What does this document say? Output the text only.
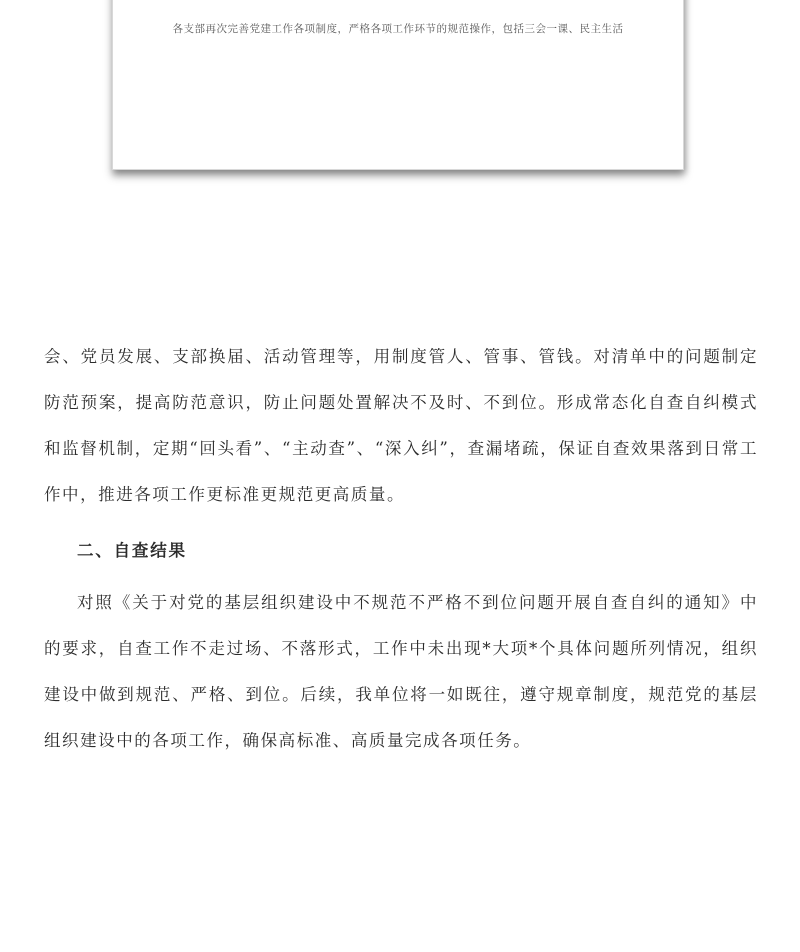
各支部再次完善党建工作各项制度，严格各项工作环节的规范操作，包括三会一课、民主生活

会、党员发展、支部换届、活动管理等，用制度管人、管事、管钱。对清单中的问题制定防范预案，提高防范意识，防止问题处置解决不及时、不到位。形成常态化自查自纠模式和监督机制，定期“回头看”、“主动查”、“深入纠”，查漏堵疏，保证自查效果落到日常工作中，推进各项工作更标准更规范更高质量。

二、自查结果

对照《关于对党的基层组织建设中不规范不严格不到位问题开展自查自纠的通知》中的要求，自查工作不走过场、不落形式，工作中未出现*大项*个具体问题所列情况，组织建设中做到规范、严格、到位。后续，我单位将一如既往，遵守规章制度，规范党的基层组织建设中的各项工作，确保高标准、高质量完成各项任务。
